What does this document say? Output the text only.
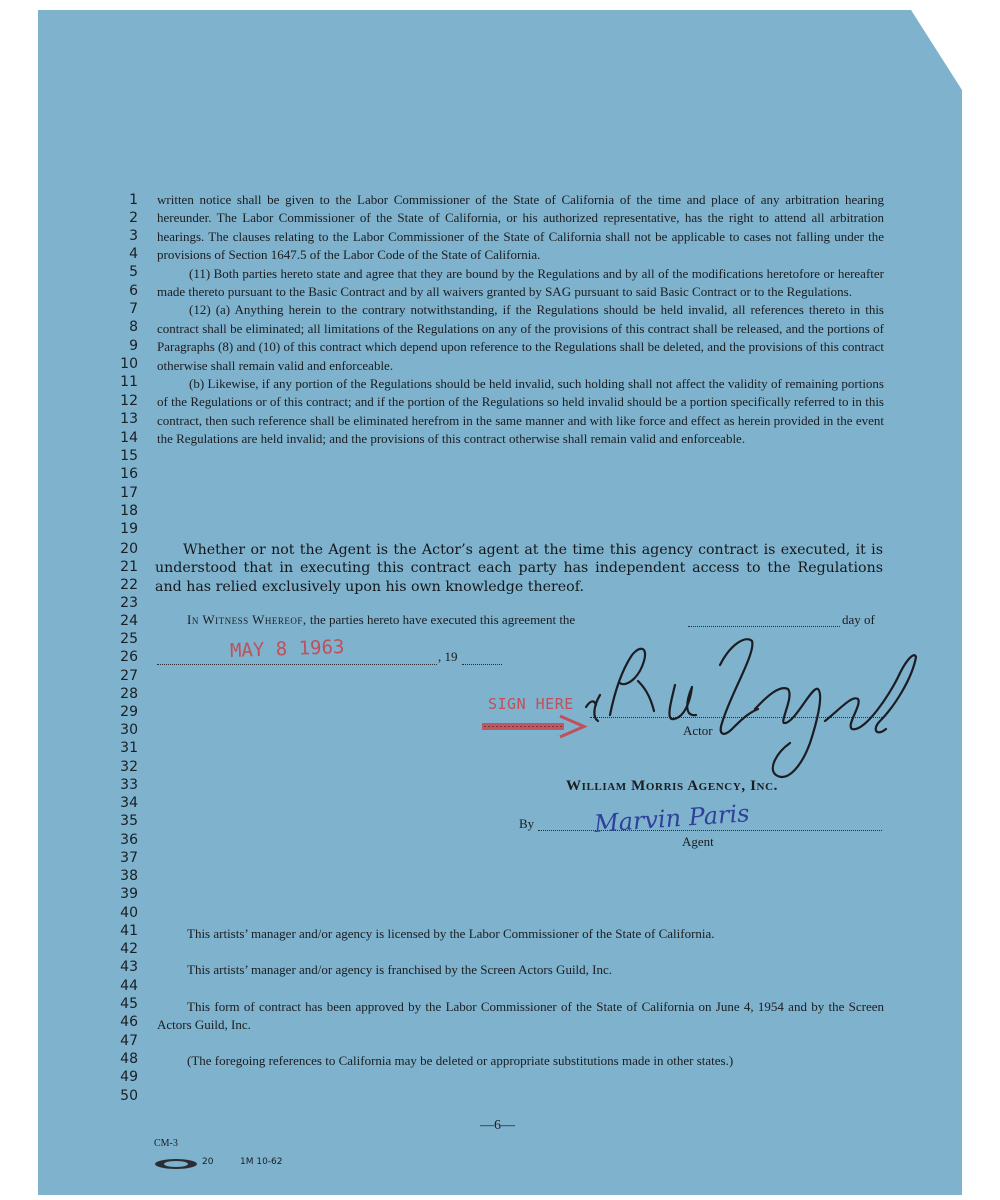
1
2
3
4
5
6
7
8
9
10
11
12
13
14
15
16
17
18
19
20
21
22
23
24
25
26
27
28
29
30
31
32
33
34
35
36
37
38
39
40
41
42
43
44
45
46
47
48
49
50

written notice shall be given to the Labor Commissioner of the State of California of the time and place of any arbitration hearing hereunder. The Labor Commissioner of the State of California, or his authorized representative, has the right to attend all arbitration hearings. The clauses relating to the Labor Commissioner of the State of California shall not be applicable to cases not falling under the provisions of Section 1647.5 of the Labor Code of the State of California.

(11) Both parties hereto state and agree that they are bound by the Regulations and by all of the modifications heretofore or hereafter made thereto pursuant to the Basic Contract and by all waivers granted by SAG pursuant to said Basic Contract or to the Regulations.

(12) (a) Anything herein to the contrary notwithstanding, if the Regulations should be held invalid, all references thereto in this contract shall be eliminated; all limitations of the Regulations on any of the provisions of this contract shall be released, and the portions of Paragraphs (8) and (10) of this contract which depend upon reference to the Regulations shall be deleted, and the provisions of this contract otherwise shall remain valid and enforceable.

(b) Likewise, if any portion of the Regulations should be held invalid, such holding shall not affect the validity of remaining portions of the Regulations or of this contract; and if the portion of the Regulations so held invalid should be a portion specifically referred to in this contract, then such reference shall be eliminated herefrom in the same manner and with like force and effect as herein provided in the event the Regulations are held invalid; and the provisions of this contract otherwise shall remain valid and enforceable.

Whether or not the Agent is the Actor’s agent at the time this agency contract is executed, it is understood that in executing this contract each party has independent access to the Regulations and has relied exclusively upon his own knowledge thereof.
In Witness Whereof, the parties hereto have executed this agreement the	day of
MAY 8 1963	, 19
SIGN HERE
Actor
William Morris Agency, Inc.
By Marvin Paris
Agent
This artists’ manager and/or agency is licensed by the Labor Commissioner of the State of California.
This artists’ manager and/or agency is franchised by the Screen Actors Guild, Inc.
This form of contract has been approved by the Labor Commissioner of the State of California on June 4, 1954 and by the Screen Actors Guild, Inc.
(The foregoing references to California may be deleted or appropriate substitutions made in other states.)
—6—
CM-3
20	1M 10-62
